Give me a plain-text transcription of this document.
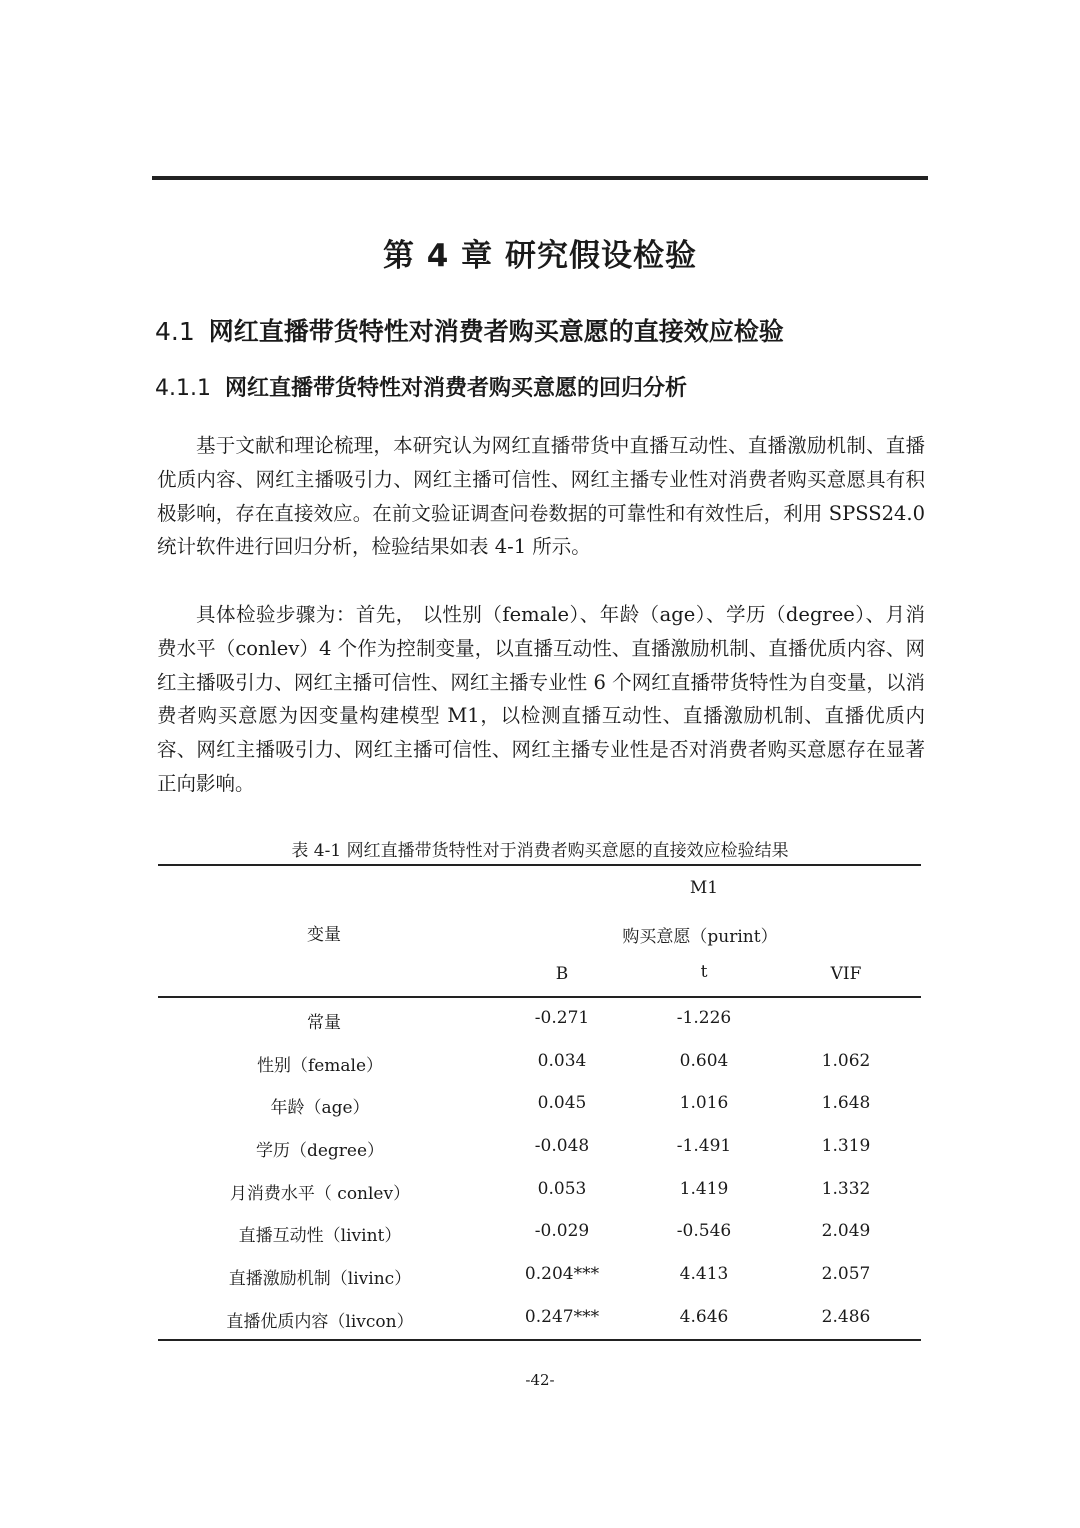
第 4 章 研究假设检验
4.1 网红直播带货特性对消费者购买意愿的直接效应检验
4.1.1 网红直播带货特性对消费者购买意愿的回归分析

基于文献和理论梳理，本研究认为网红直播带货中直播互动性、直播激励机制、直播优质内容、网红主播吸引力、网红主播可信性、网红主播专业性对消费者购买意愿具有积极影响，存在直接效应。在前文验证调查问卷数据的可靠性和有效性后，利用 SPSS24.0 统计软件进行回归分析，检验结果如表 4-1 所示。

具体检验步骤为：首先， 以性别（female）、年龄（age）、学历（degree）、月消费水平（conlev）4 个作为控制变量，以直播互动性、直播激励机制、直播优质内容、网红主播吸引力、网红主播可信性、网红主播专业性 6 个网红直播带货特性为自变量，以消费者购买意愿为因变量构建模型 M1，以检测直播互动性、直播激励机制、直播优质内容、网红主播吸引力、网红主播可信性、网红主播专业性是否对消费者购买意愿存在显著正向影响。

表 4-1 网红直播带货特性对于消费者购买意愿的直接效应检验结果
变量
M1
购买意愿（purint）
B	t	VIF
常量	-0.271	-1.226
性别（female）	0.034	0.604	1.062
年龄（age）	0.045	1.016	1.648
学历（degree）	-0.048	-1.491	1.319
月消费水平（ conlev）	0.053	1.419	1.332
直播互动性（livint）	-0.029	-0.546	2.049
直播激励机制（livinc）	0.204***	4.413	2.057
直播优质内容（livcon）	0.247***	4.646	2.486
-42-
